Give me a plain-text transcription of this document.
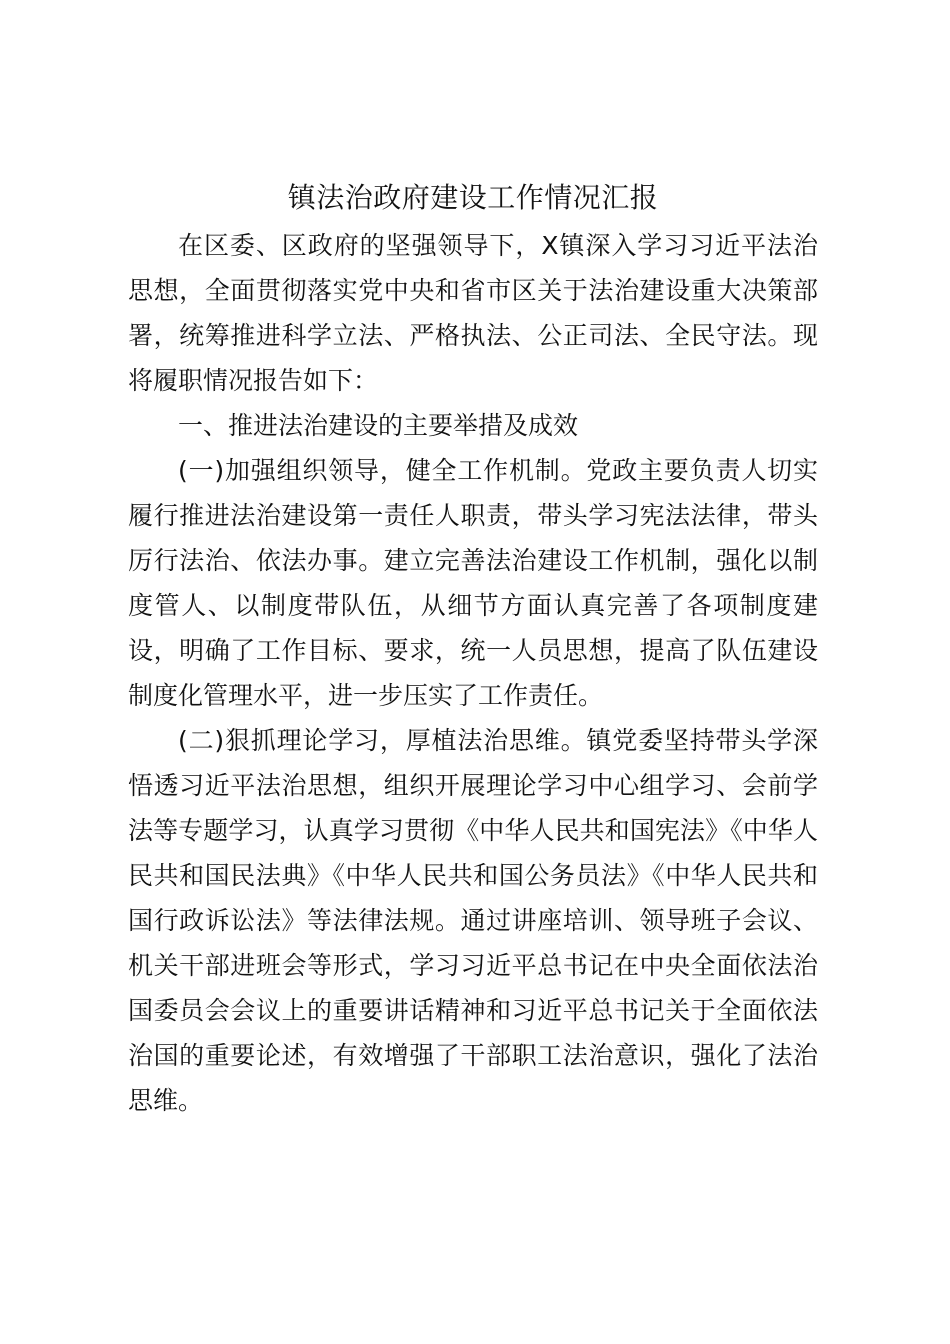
镇法治政府建设工作情况汇报

在区委、区政府的坚强领导下，X镇深入学习习近平法治思想，全面贯彻落实党中央和省市区关于法治建设重大决策部署，统筹推进科学立法、严格执法、公正司法、全民守法。现将履职情况报告如下：

一、推进法治建设的主要举措及成效

(一)加强组织领导，健全工作机制。党政主要负责人切实履行推进法治建设第一责任人职责，带头学习宪法法律，带头厉行法治、依法办事。建立完善法治建设工作机制，强化以制度管人、以制度带队伍，从细节方面认真完善了各项制度建设，明确了工作目标、要求，统一人员思想，提高了队伍建设制度化管理水平，进一步压实了工作责任。

(二)狠抓理论学习，厚植法治思维。镇党委坚持带头学深悟透习近平法治思想，组织开展理论学习中心组学习、会前学法等专题学习，认真学习贯彻《中华人民共和国宪法》《中华人民共和国民法典》《中华人民共和国公务员法》《中华人民共和国行政诉讼法》等法律法规。通过讲座培训、领导班子会议、机关干部进班会等形式，学习习近平总书记在中央全面依法治国委员会会议上的重要讲话精神和习近平总书记关于全面依法治国的重要论述，有效增强了干部职工法治意识，强化了法治思维。
